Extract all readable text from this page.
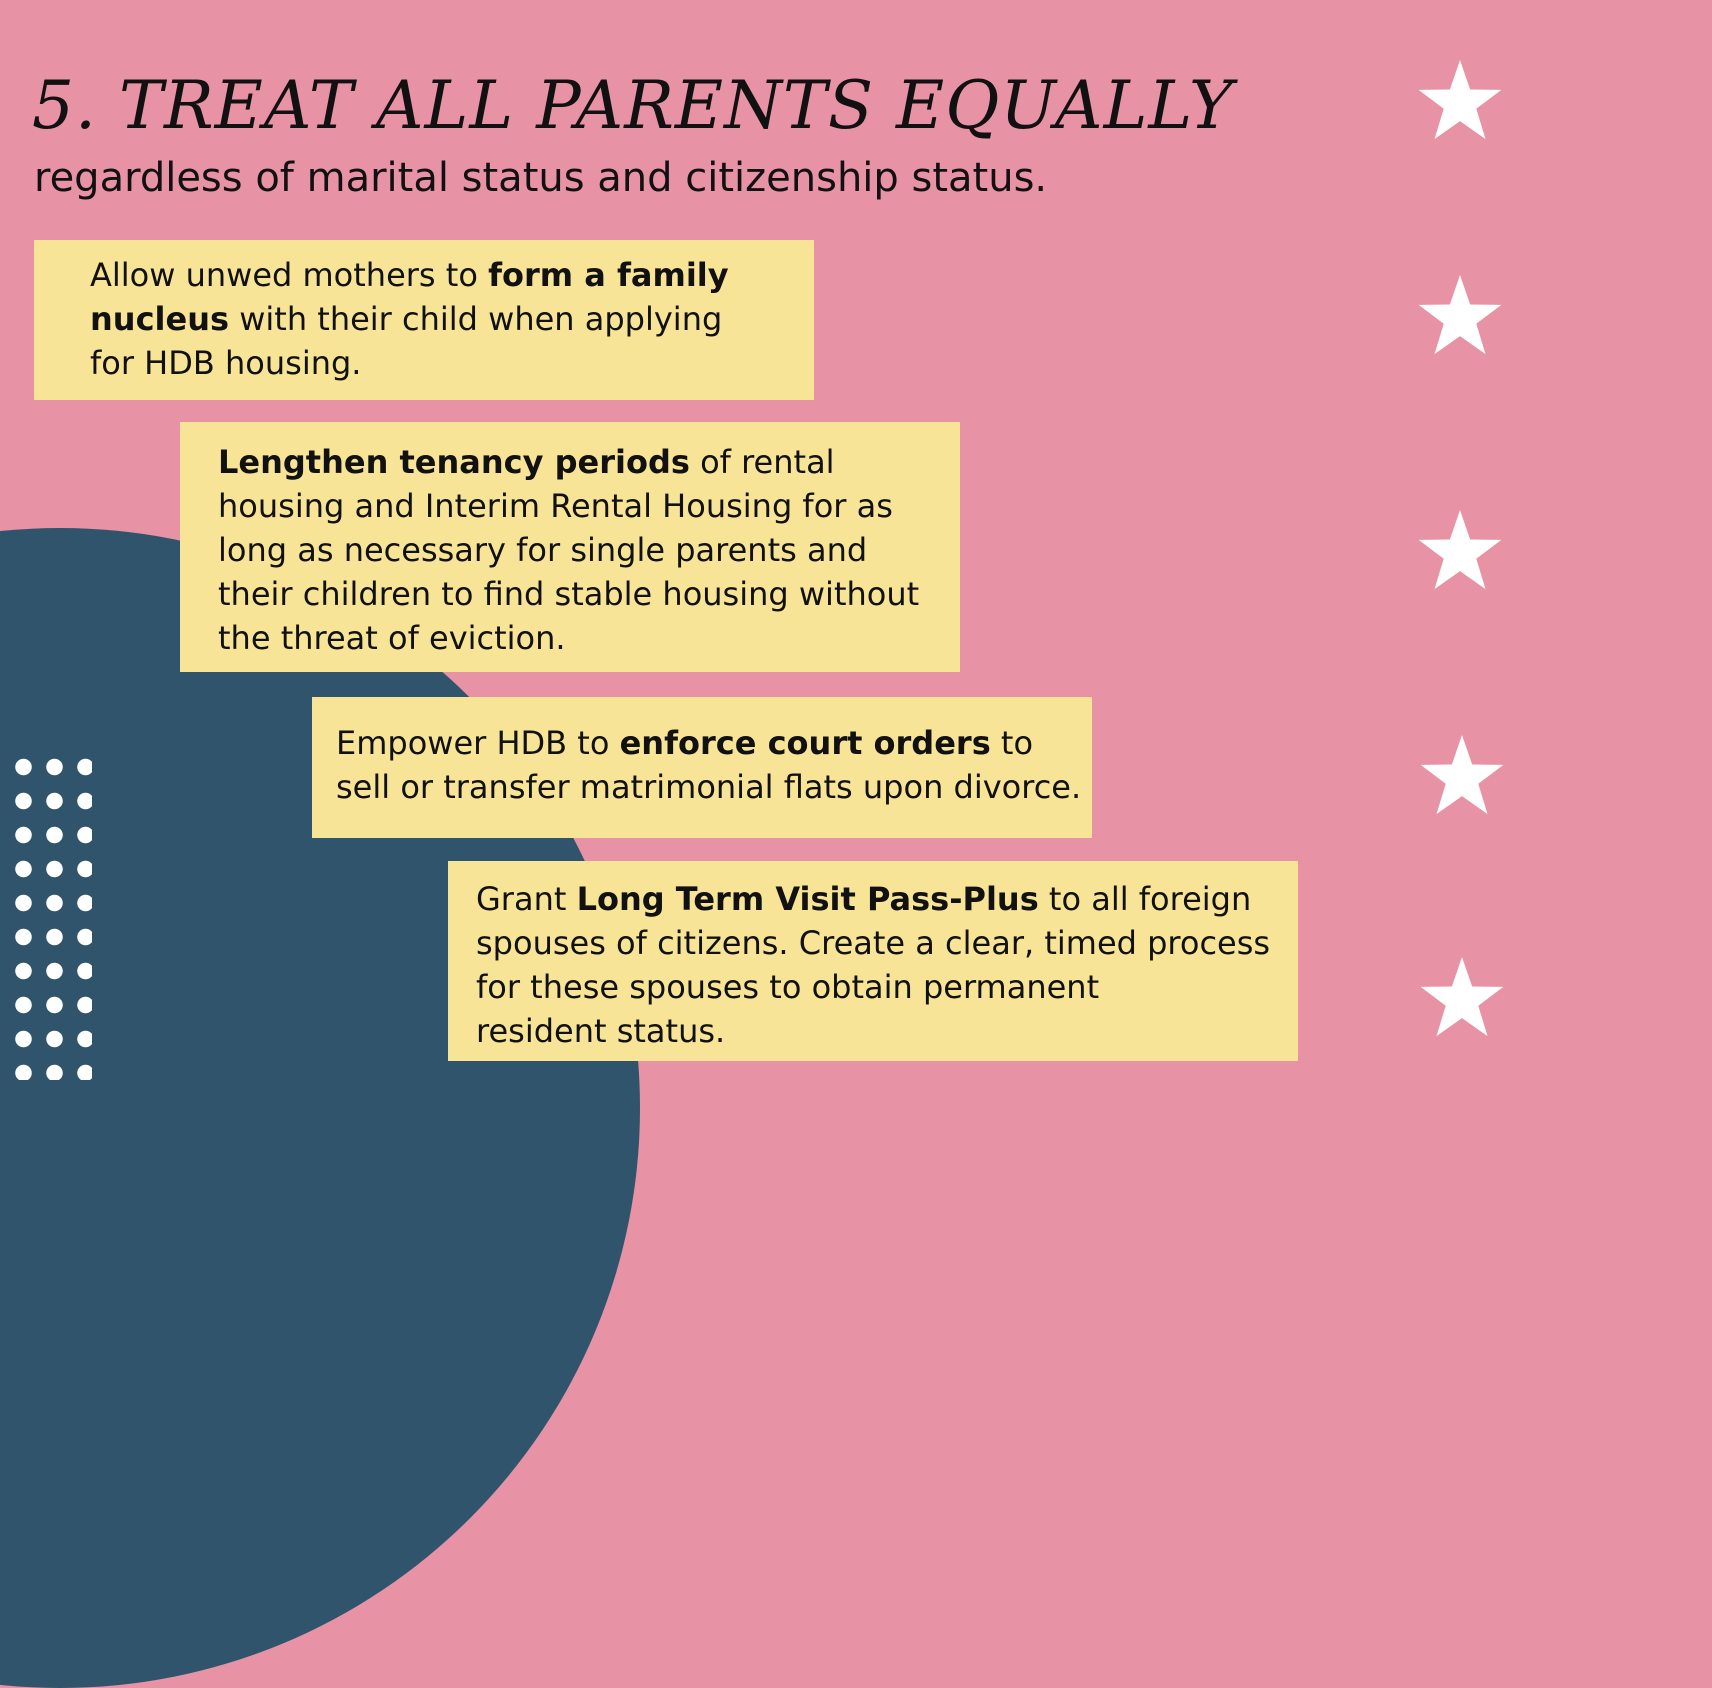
5. TREAT ALL PARENTS EQUALLY

regardless of marital status and citizenship status.

Allow unwed mothers to form a family
nucleus with their child when applying
for HDB housing.
Lengthen tenancy periods of rental
housing and Interim Rental Housing for as
long as necessary for single parents and
their children to find stable housing without
the threat of eviction.
Empower HDB to enforce court orders to
sell or transfer matrimonial flats upon divorce.
Grant Long Term Visit Pass-Plus to all foreign
spouses of citizens. Create a clear, timed process
for these spouses to obtain permanent
resident status.
